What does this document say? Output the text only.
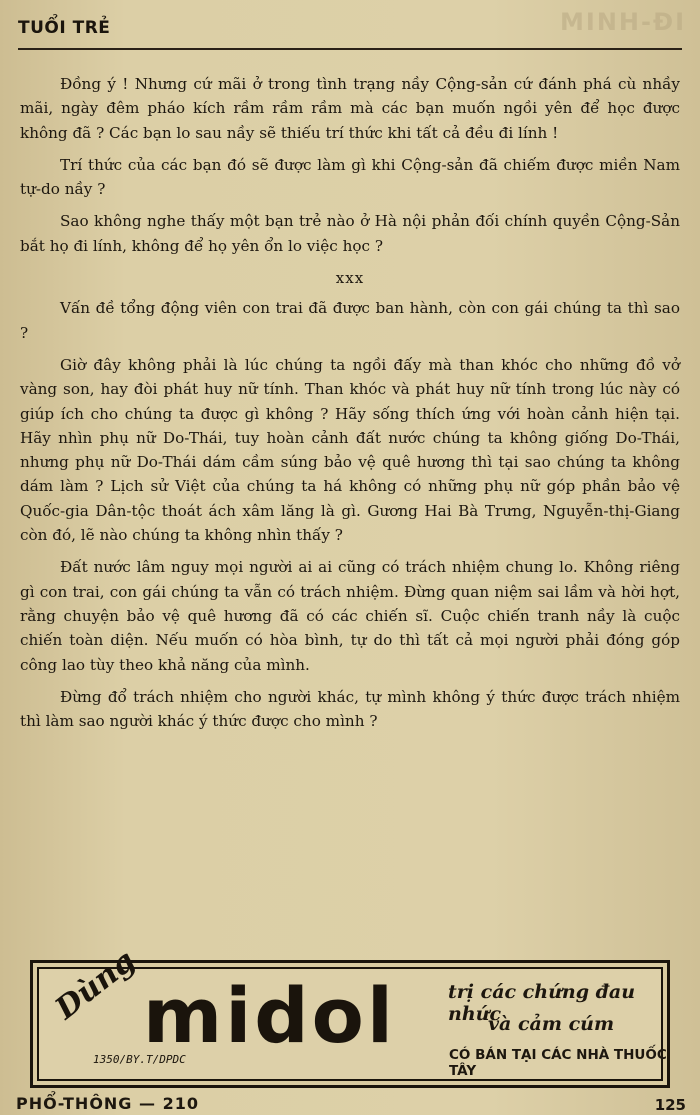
TUỔI TRẺ	MINH-ĐI

Đồng ý ! Nhưng cứ mãi ở trong tình trạng nầy Cộng-sản cứ đánh phá cù nhầy mãi, ngày đêm pháo kích rầm rầm rầm mà các bạn muốn ngồi yên để học được không đã ? Các bạn lo sau nầy sẽ thiếu trí thức khi tất cả đều đi lính !

Trí thức của các bạn đó sẽ được làm gì khi Cộng-sản đã chiếm được miền Nam tự-do nầy ?

Sao không nghe thấy một bạn trẻ nào ở Hà nội phản đối chính quyền Cộng-Sản bắt họ đi lính, không để họ yên ổn lo việc học ?

xxx

Vấn đề tổng động viên con trai đã được ban hành, còn con gái chúng ta thì sao ?

Giờ đây không phải là lúc chúng ta ngồi đấy mà than khóc cho những đồ vở vàng son, hay đòi phát huy nữ tính. Than khóc và phát huy nữ tính trong lúc này có giúp ích cho chúng ta được gì không ? Hãy sống thích ứng với hoàn cảnh hiện tại. Hãy nhìn phụ nữ Do-Thái, tuy hoàn cảnh đất nước chúng ta không giống Do-Thái, nhưng phụ nữ Do-Thái dám cầm súng bảo vệ quê hương thì tại sao chúng ta không dám làm ? Lịch sử Việt của chúng ta há không có những phụ nữ góp phần bảo vệ Quốc-gia Dân-tộc thoát ách xâm lăng là gì. Gương Hai Bà Trưng, Nguyễn-thị-Giang còn đó, lẽ nào chúng ta không nhìn thấy ?

Đất nước lâm nguy mọi người ai ai cũng có trách nhiệm chung lo. Không riêng gì con trai, con gái chúng ta vẫn có trách nhiệm. Đừng quan niệm sai lầm và hời hợt, rằng chuyện bảo vệ quê hương đã có các chiến sĩ. Cuộc chiến tranh nầy là cuộc chiến toàn diện. Nếu muốn có hòa bình, tự do thì tất cả mọi người phải đóng góp công lao tùy theo khả năng của mình.

Đừng đổ trách nhiệm cho người khác, tự mình không ý thức được trách nhiệm thì làm sao người khác ý thức được cho mình ?

Dùng midol
1350/BY.T/DPDC
trị các chứng đau nhức
và cảm cúm
CÓ BÁN TẠI CÁC NHÀ THUỐC TÂY
PHỔ-THÔNG — 210	125
